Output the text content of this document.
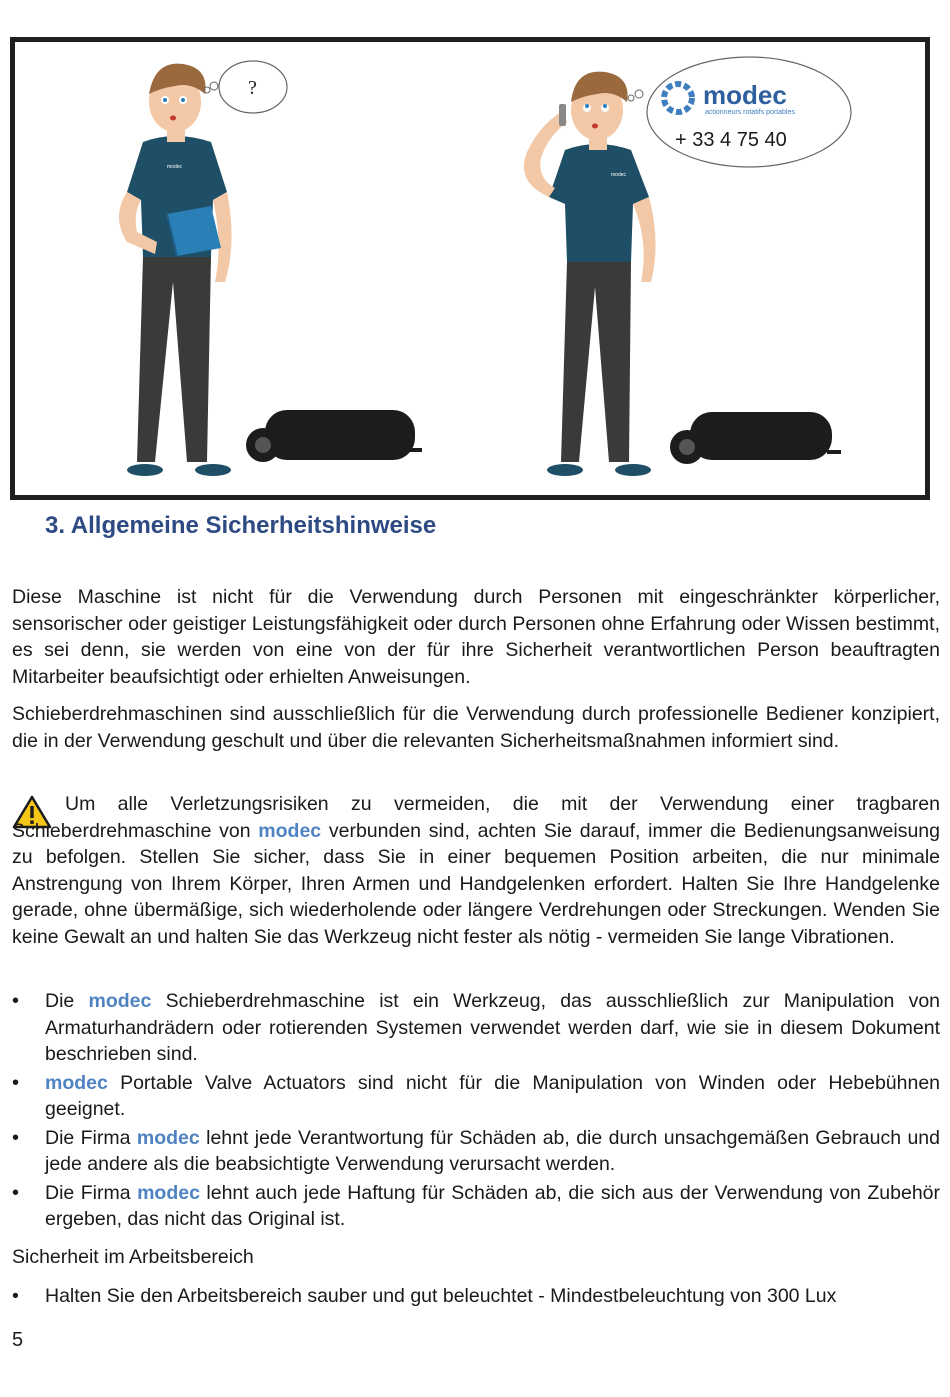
modec
?
modec
modec
actionneurs rotatifs portables
+ 33 4 75 40
3. Allgemeine Sicherheitshinweise

Diese Maschine ist nicht für die Verwendung durch Personen mit eingeschränkter körperlicher, sensorischer oder geistiger Leistungsfähigkeit oder durch Personen ohne Erfahrung oder Wissen bestimmt, es sei denn, sie werden von eine von der für ihre Sicherheit verantwortlichen Person beauftragten Mitarbeiter beaufsichtigt oder erhielten Anweisungen.

Schieberdrehmaschinen sind ausschließlich für die Verwendung durch professionelle Bediener konzipiert, die in der Verwendung geschult und über die relevanten Sicherheitsmaßnahmen informiert sind.

Um alle Verletzungsrisiken zu vermeiden, die mit der Verwendung einer tragbaren Schieberdrehmaschine von modec verbunden sind, achten Sie darauf, immer die Bedienungsanweisung zu befolgen. Stellen Sie sicher, dass Sie in einer bequemen Position arbeiten, die nur minimale Anstrengung von Ihrem Körper, Ihren Armen und Handgelenken erfordert. Halten Sie Ihre Handgelenke gerade, ohne übermäßige, sich wiederholende oder längere Verdrehungen oder Streckungen. Wenden Sie keine Gewalt an und halten Sie das Werkzeug nicht fester als nötig - vermeiden Sie lange Vibrationen.

• Die modec Schieberdrehmaschine ist ein Werkzeug, das ausschließlich zur Manipulation von Armaturhandrädern oder rotierenden Systemen verwendet werden darf, wie sie in diesem Dokument beschrieben sind.
• modec Portable Valve Actuators sind nicht für die Manipulation von Winden oder Hebebühnen geeignet.
• Die Firma modec lehnt jede Verantwortung für Schäden ab, die durch unsachgemäßen Gebrauch und jede andere als die beabsichtigte Verwendung verursacht werden.
• Die Firma modec lehnt auch jede Haftung für Schäden ab, die sich aus der Verwendung von Zubehör ergeben, das nicht das Original ist.

Sicherheit im Arbeitsbereich

• Halten Sie den Arbeitsbereich sauber und gut beleuchtet - Mindestbeleuchtung von 300 Lux
5
